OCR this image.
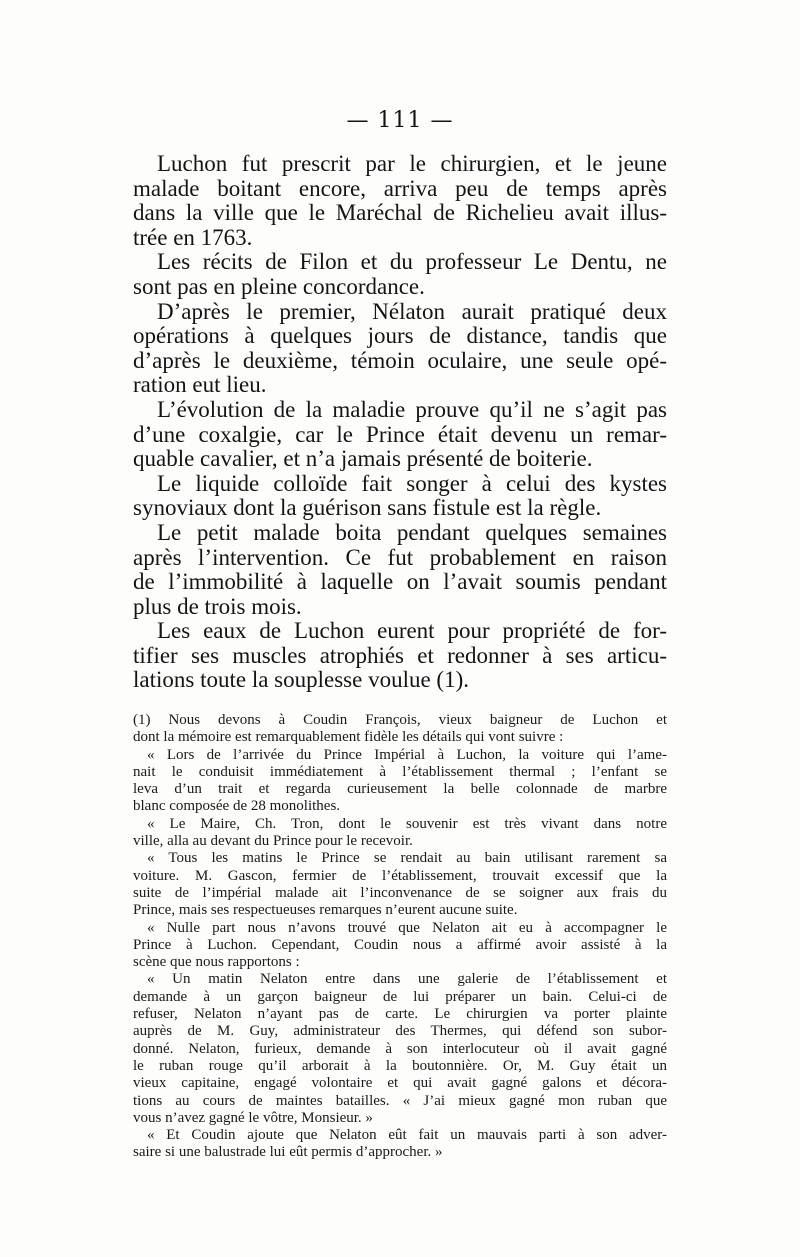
— 111 —

Luchon fut prescrit par le chirurgien, et le jeune
malade boitant encore, arriva peu de temps après
dans la ville que le Maréchal de Richelieu avait illus-
trée en 1763.

Les récits de Filon et du professeur Le Dentu, ne
sont pas en pleine concordance.

D’après le premier, Nélaton aurait pratiqué deux
opérations à quelques jours de distance, tandis que
d’après le deuxième, témoin oculaire, une seule opé-
ration eut lieu.

L’évolution de la maladie prouve qu’il ne s’agit pas
d’une coxalgie, car le Prince était devenu un remar-
quable cavalier, et n’a jamais présenté de boiterie.

Le liquide colloïde fait songer à celui des kystes
synoviaux dont la guérison sans fistule est la règle.

Le petit malade boita pendant quelques semaines
après l’intervention. Ce fut probablement en raison
de l’immobilité à laquelle on l’avait soumis pendant
plus de trois mois.

Les eaux de Luchon eurent pour propriété de for-
tifier ses muscles atrophiés et redonner à ses articu-
lations toute la souplesse voulue (1).

(1) Nous devons à Coudin François, vieux baigneur de Luchon et
dont la mémoire est remarquablement fidèle les détails qui vont suivre :

« Lors de l’arrivée du Prince Impérial à Luchon, la voiture qui l’ame-
nait le conduisit immédiatement à l’établissement thermal ; l’enfant se
leva d’un trait et regarda curieusement la belle colonnade de marbre
blanc composée de 28 monolithes.

« Le Maire, Ch. Tron, dont le souvenir est très vivant dans notre
ville, alla au devant du Prince pour le recevoir.

« Tous les matins le Prince se rendait au bain utilisant rarement sa
voiture. M. Gascon, fermier de l’établissement, trouvait excessif que la
suite de l’impérial malade ait l’inconvenance de se soigner aux frais du
Prince, mais ses respectueuses remarques n’eurent aucune suite.

« Nulle part nous n’avons trouvé que Nelaton ait eu à accompagner le
Prince à Luchon. Cependant, Coudin nous a affirmé avoir assisté à la
scène que nous rapportons :

« Un matin Nelaton entre dans une galerie de l’établissement et
demande à un garçon baigneur de lui préparer un bain. Celui-ci de
refuser, Nelaton n’ayant pas de carte. Le chirurgien va porter plainte
auprès de M. Guy, administrateur des Thermes, qui défend son subor-
donné. Nelaton, furieux, demande à son interlocuteur où il avait gagné
le ruban rouge qu’il arborait à la boutonnière. Or, M. Guy était un
vieux capitaine, engagé volontaire et qui avait gagné galons et décora-
tions au cours de maintes batailles. « J’ai mieux gagné mon ruban que
vous n’avez gagné le vôtre, Monsieur. »

« Et Coudin ajoute que Nelaton eût fait un mauvais parti à son adver-
saire si une balustrade lui eût permis d’approcher. »
